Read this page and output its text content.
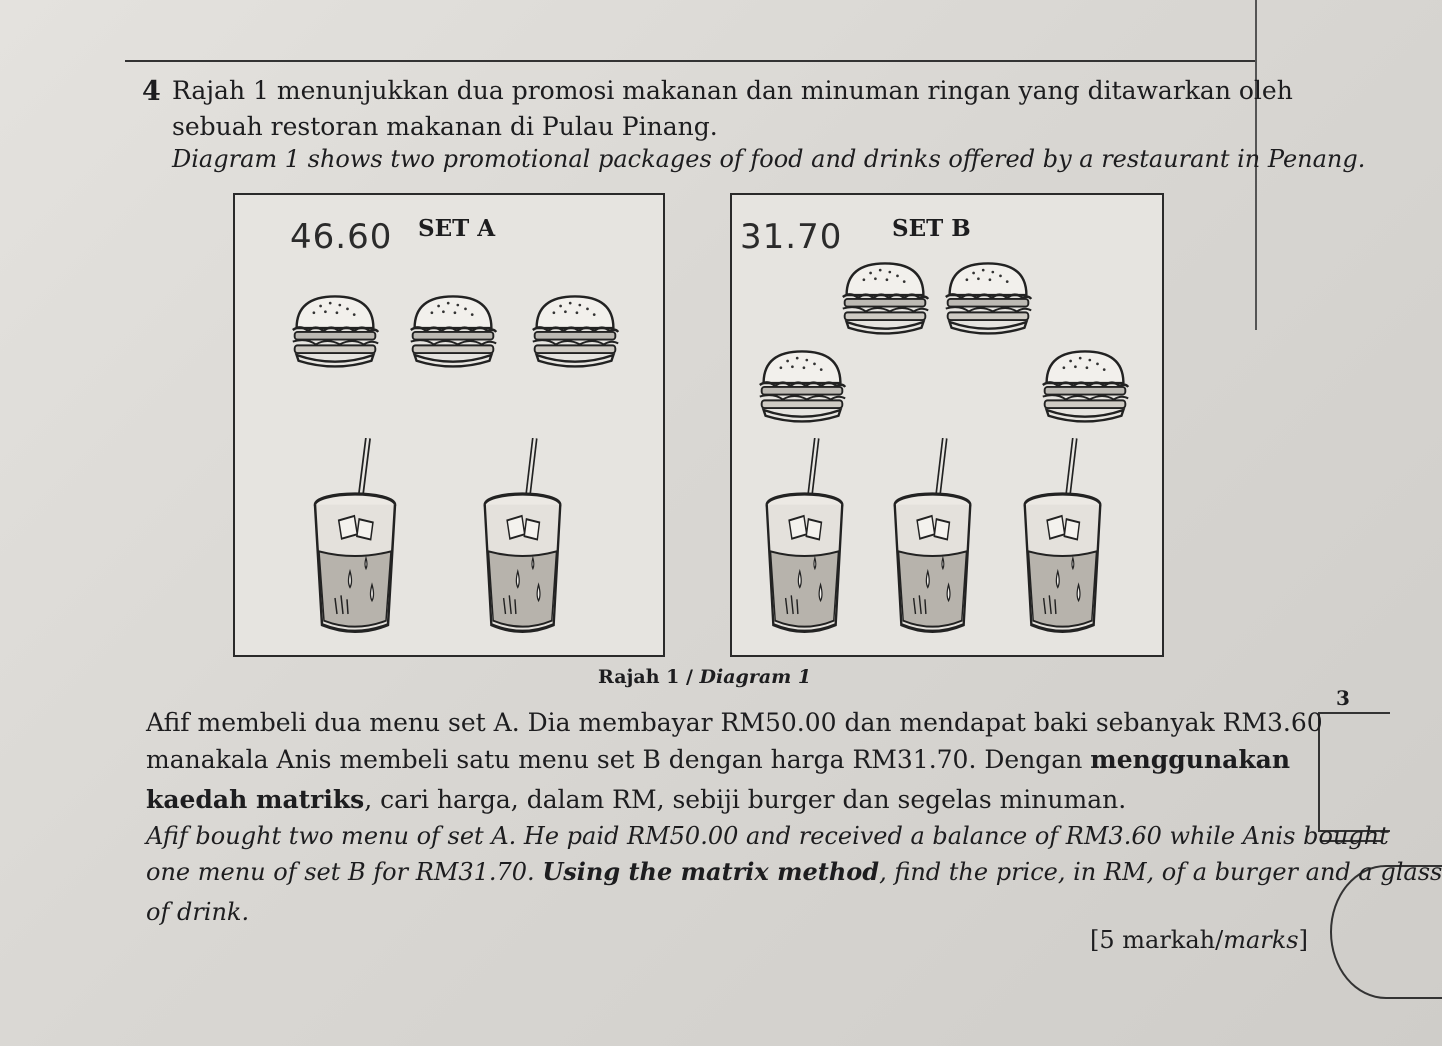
4 Rajah 1 menunjukkan dua promosi makanan dan minuman ringan yang ditawarkan oleh
sebuah restoran makanan di Pulau Pinang.
Diagram 1 shows two promotional packages of food and drinks offered by a restaurant in Penang.
46.60 SET A	31.70 SET B
Rajah 1 / Diagram 1
3
Afif membeli dua menu set A. Dia membayar RM50.00 dan mendapat baki sebanyak RM3.60
manakala Anis membeli satu menu set B dengan harga RM31.70. Dengan menggunakan
kaedah matriks, cari harga, dalam RM, sebiji burger dan segelas minuman.
Afif bought two menu of set A. He paid RM50.00 and received a balance of RM3.60 while Anis bought
one menu of set B for RM31.70. Using the matrix method, find the price, in RM, of a burger and a glass
of drink.
[5 markah/marks]
